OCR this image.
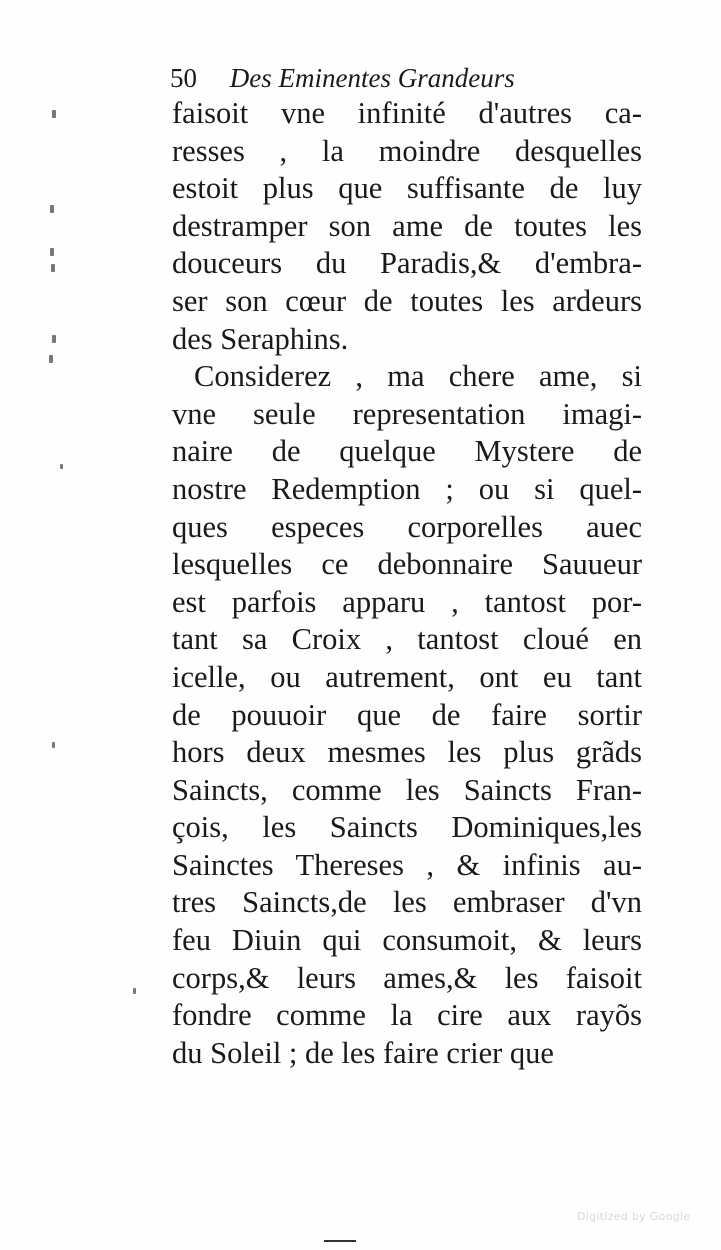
50 Des Eminentes Grandeurs
faisoit vne infinité d'autres ca-
resses , la moindre desquelles
estoit plus que suffisante de luy
destramper son ame de toutes les
douceurs du Paradis,& d'embra-
ser son cœur de toutes les ardeurs
des Seraphins.
Considerez , ma chere ame, si
vne seule representation imagi-
naire de quelque Mystere de
nostre Redemption ; ou si quel-
ques especes corporelles auec
lesquelles ce debonnaire Sauueur
est parfois apparu , tantost por-
tant sa Croix , tantost cloué en
icelle, ou autrement, ont eu tant
de pouuoir que de faire sortir
hors deux mesmes les plus grãds
Saincts, comme les Saincts Fran-
çois, les Saincts Dominiques,les
Sainctes Thereses , & infinis au-
tres Saincts,de les embraser d'vn
feu Diuin qui consumoit, & leurs
corps,& leurs ames,& les faisoit
fondre comme la cire aux rayõs
du Soleil ; de les faire crier que
Digitized by Google
